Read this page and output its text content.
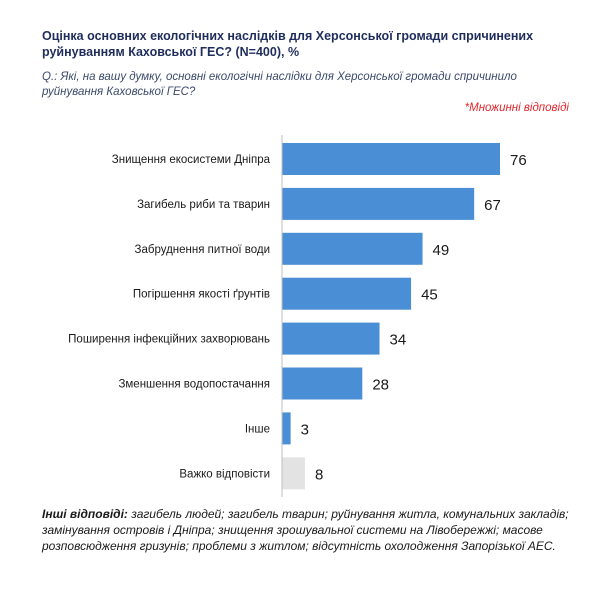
Оцінка основних екологічних наслідків для Херсонської громади спричинених руйнуванням Каховської ГЕС? (N=400), %
Q.: Які, на вашу думку, основні екологічні наслідки для Херсонської громади спричинило руйнування Каховської ГЕС?
*Множинні відповіді
Знищення екосистеми Дніпра	76
Загибель риби та тварин	67
Забруднення питної води	49
Погіршення якості ґрунтів	45
Поширення інфекційних захворювань	34
Зменшення водопостачання	28
Інше 3
Важко відповісти	8
Інші відповіді: загибель людей; загибель тварин; руйнування житла, комунальних закладів; замінування островів і Дніпра; знищення зрошувальної системи на Лівобережжі; масове розповсюдження гризунів; проблеми з житлом; відсутність охолодження Запорізької АЕС.
